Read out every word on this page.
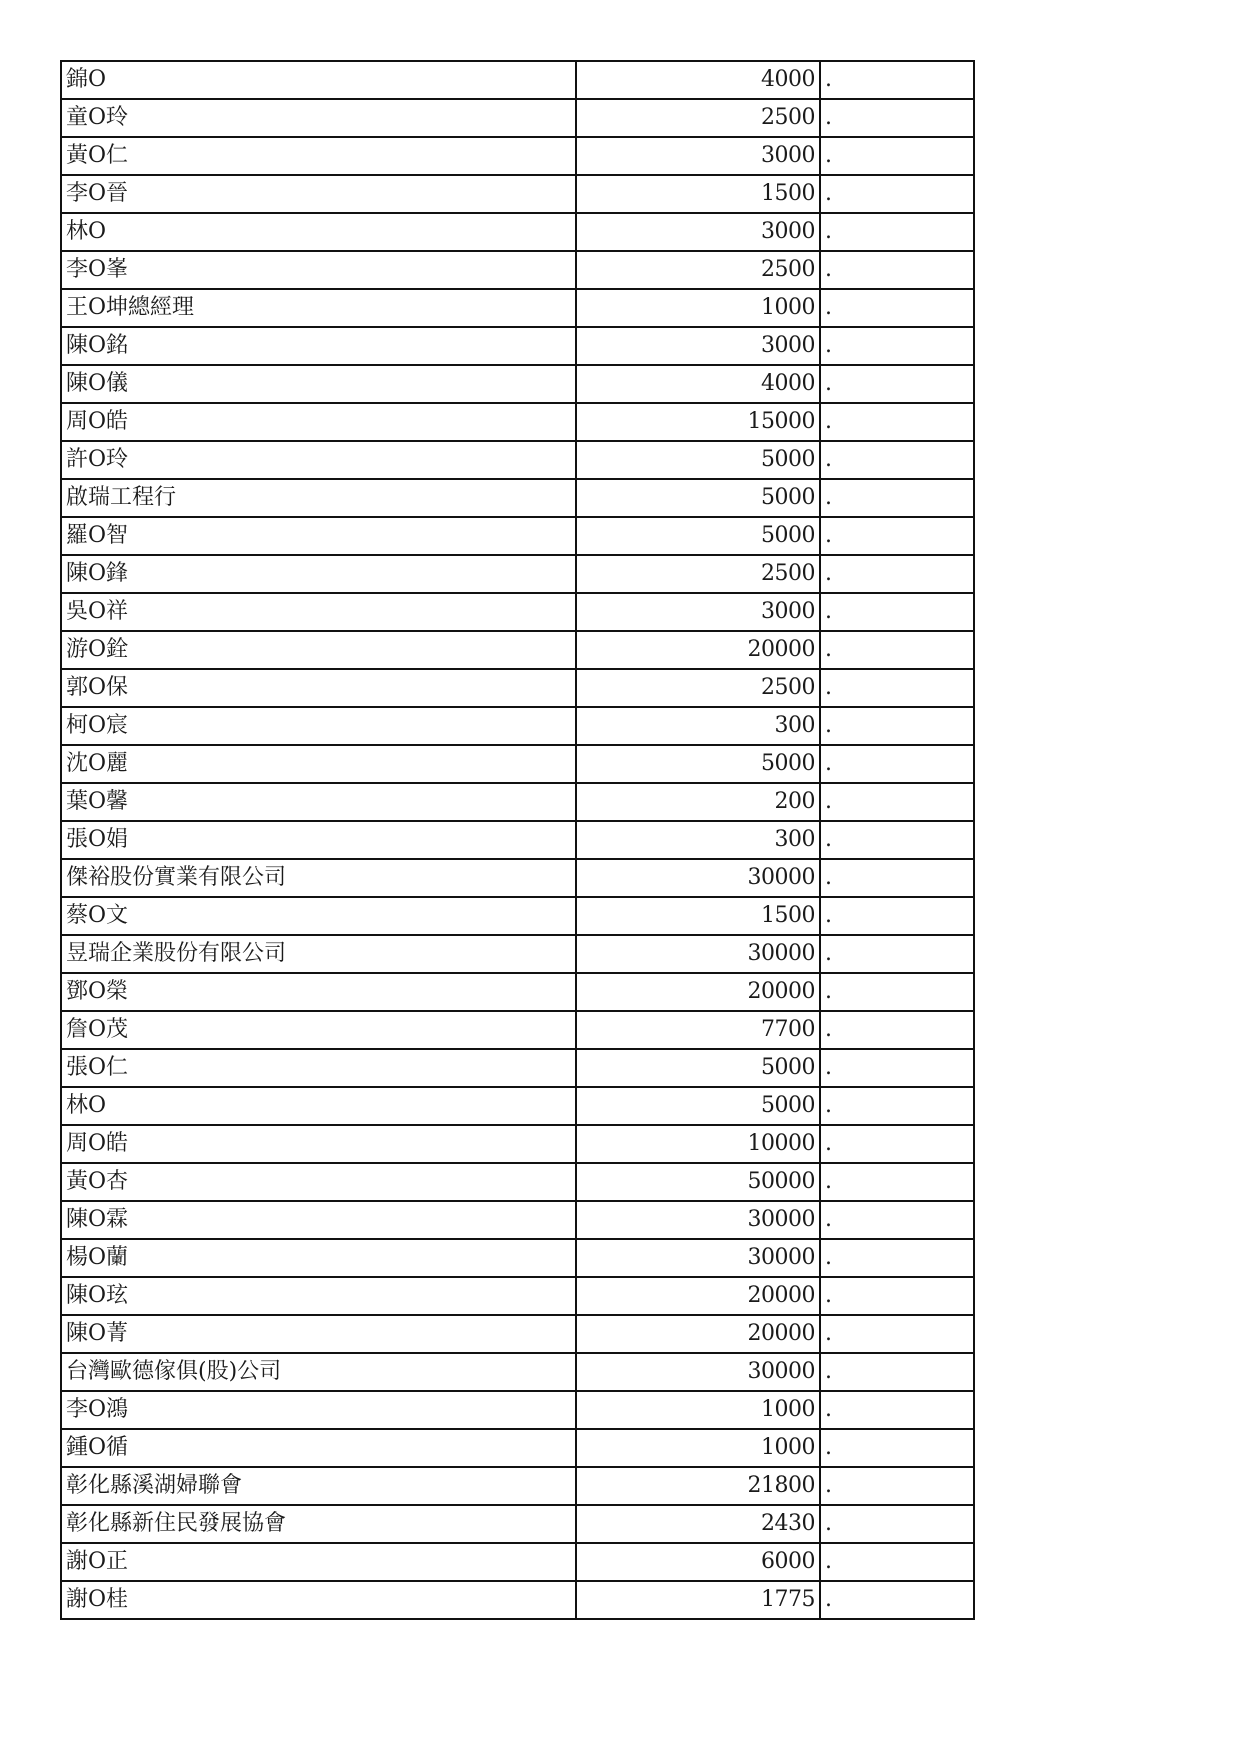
錦O	4000	.
童O玲	2500	.
黃O仁	3000	.
李O晉	1500	.
林O	3000	.
李O峯	2500	.
王O坤總經理	1000	.
陳O銘	3000	.
陳O儀	4000	.
周O皓	15000	.
許O玲	5000	.
啟瑞工程行	5000	.
羅O智	5000	.
陳O鋒	2500	.
吳O祥	3000	.
游O銓	20000	.
郭O保	2500	.
柯O宸	300	.
沈O麗	5000	.
葉O馨	200	.
張O娟	300	.
傑裕股份實業有限公司	30000	.
蔡O文	1500	.
昱瑞企業股份有限公司	30000	.
鄧O榮	20000	.
詹O茂	7700	.
張O仁	5000	.
林O	5000	.
周O皓	10000	.
黃O杏	50000	.
陳O霖	30000	.
楊O蘭	30000	.
陳O玹	20000	.
陳O菁	20000	.
台灣歐德傢俱(股)公司	30000	.
李O鴻	1000	.
鍾O循	1000	.
彰化縣溪湖婦聯會	21800	.
彰化縣新住民發展協會	2430	.
謝O正	6000	.
謝O桂	1775	.
